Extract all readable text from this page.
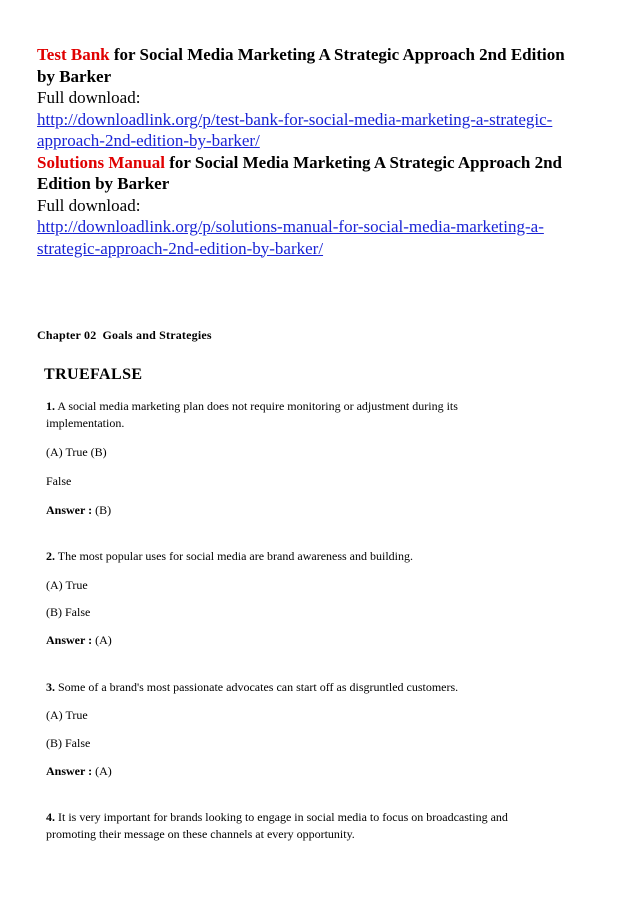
Test Bank for Social Media Marketing A Strategic Approach 2nd Edition
by Barker
Full download:
http://downloadlink.org/p/test-bank-for-social-media-marketing-a-strategic-
approach-2nd-edition-by-barker/
Solutions Manual for Social Media Marketing A Strategic Approach 2nd
Edition by Barker
Full download:
http://downloadlink.org/p/solutions-manual-for-social-media-marketing-a-
strategic-approach-2nd-edition-by-barker/
Chapter 02 Goals and Strategies
TRUEFALSE
1. A social media marketing plan does not require monitoring or adjustment during its
implementation.
(A) True (B)
False
Answer : (B)
2. The most popular uses for social media are brand awareness and building.
(A) True
(B) False
Answer : (A)
3. Some of a brand's most passionate advocates can start off as disgruntled customers.
(A) True
(B) False
Answer : (A)
4. It is very important for brands looking to engage in social media to focus on broadcasting and
promoting their message on these channels at every opportunity.
